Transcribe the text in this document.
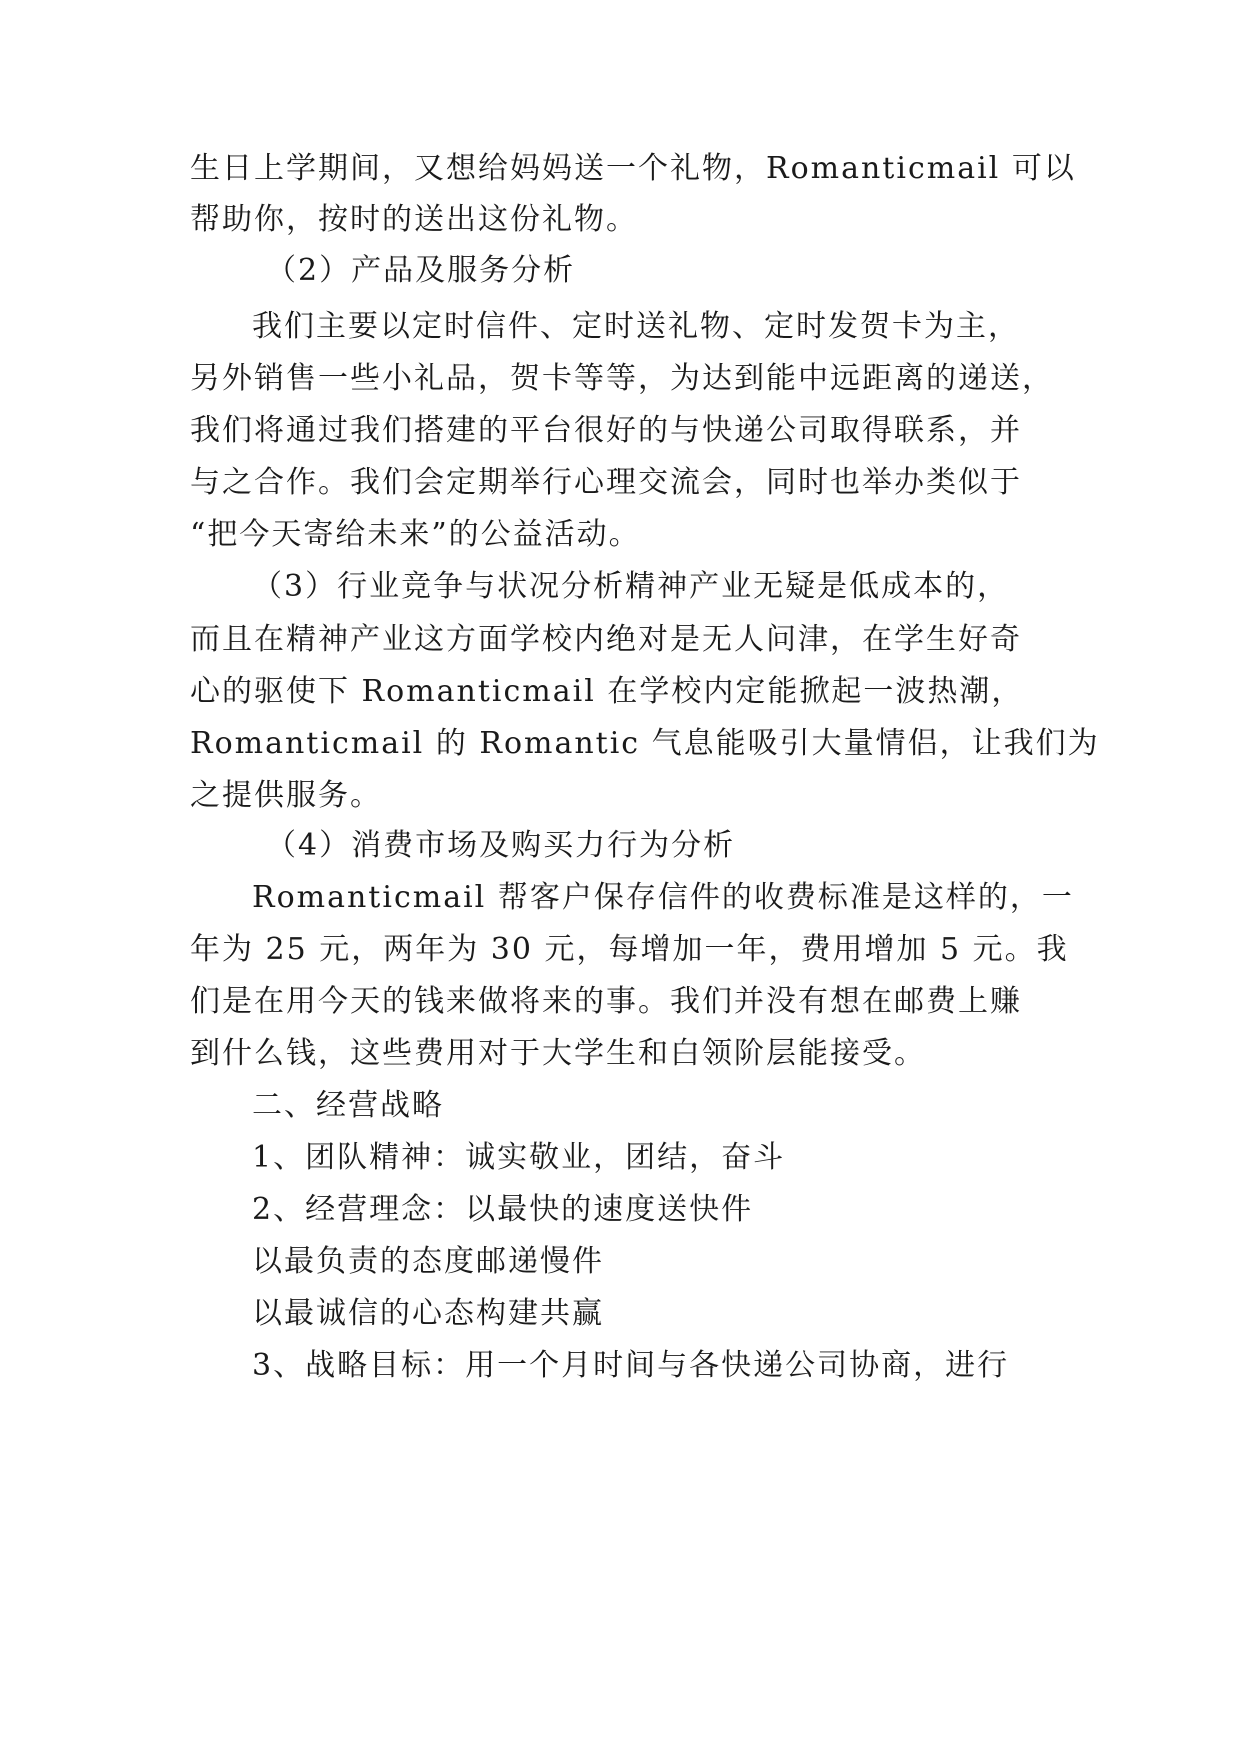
生日上学期间，又想给妈妈送一个礼物，Romanticmail 可以
帮助你，按时的送出这份礼物。
（2）产品及服务分析
我们主要以定时信件、定时送礼物、定时发贺卡为主，
另外销售一些小礼品，贺卡等等，为达到能中远距离的递送，
我们将通过我们搭建的平台很好的与快递公司取得联系，并
与之合作。我们会定期举行心理交流会，同时也举办类似于
“把今天寄给未来”的公益活动。
（3）行业竞争与状况分析精神产业无疑是低成本的，
而且在精神产业这方面学校内绝对是无人问津，在学生好奇
心的驱使下 Romanticmail 在学校内定能掀起一波热潮，
Romanticmail 的 Romantic 气息能吸引大量情侣，让我们为
之提供服务。
（4）消费市场及购买力行为分析
Romanticmail 帮客户保存信件的收费标准是这样的，一
年为 25 元，两年为 30 元，每增加一年，费用增加 5 元。我
们是在用今天的钱来做将来的事。我们并没有想在邮费上赚
到什么钱，这些费用对于大学生和白领阶层能接受。
二、经营战略
1、团队精神：诚实敬业，团结，奋斗
2、经营理念：以最快的速度送快件
以最负责的态度邮递慢件
以最诚信的心态构建共赢
3、战略目标：用一个月时间与各快递公司协商，进行
